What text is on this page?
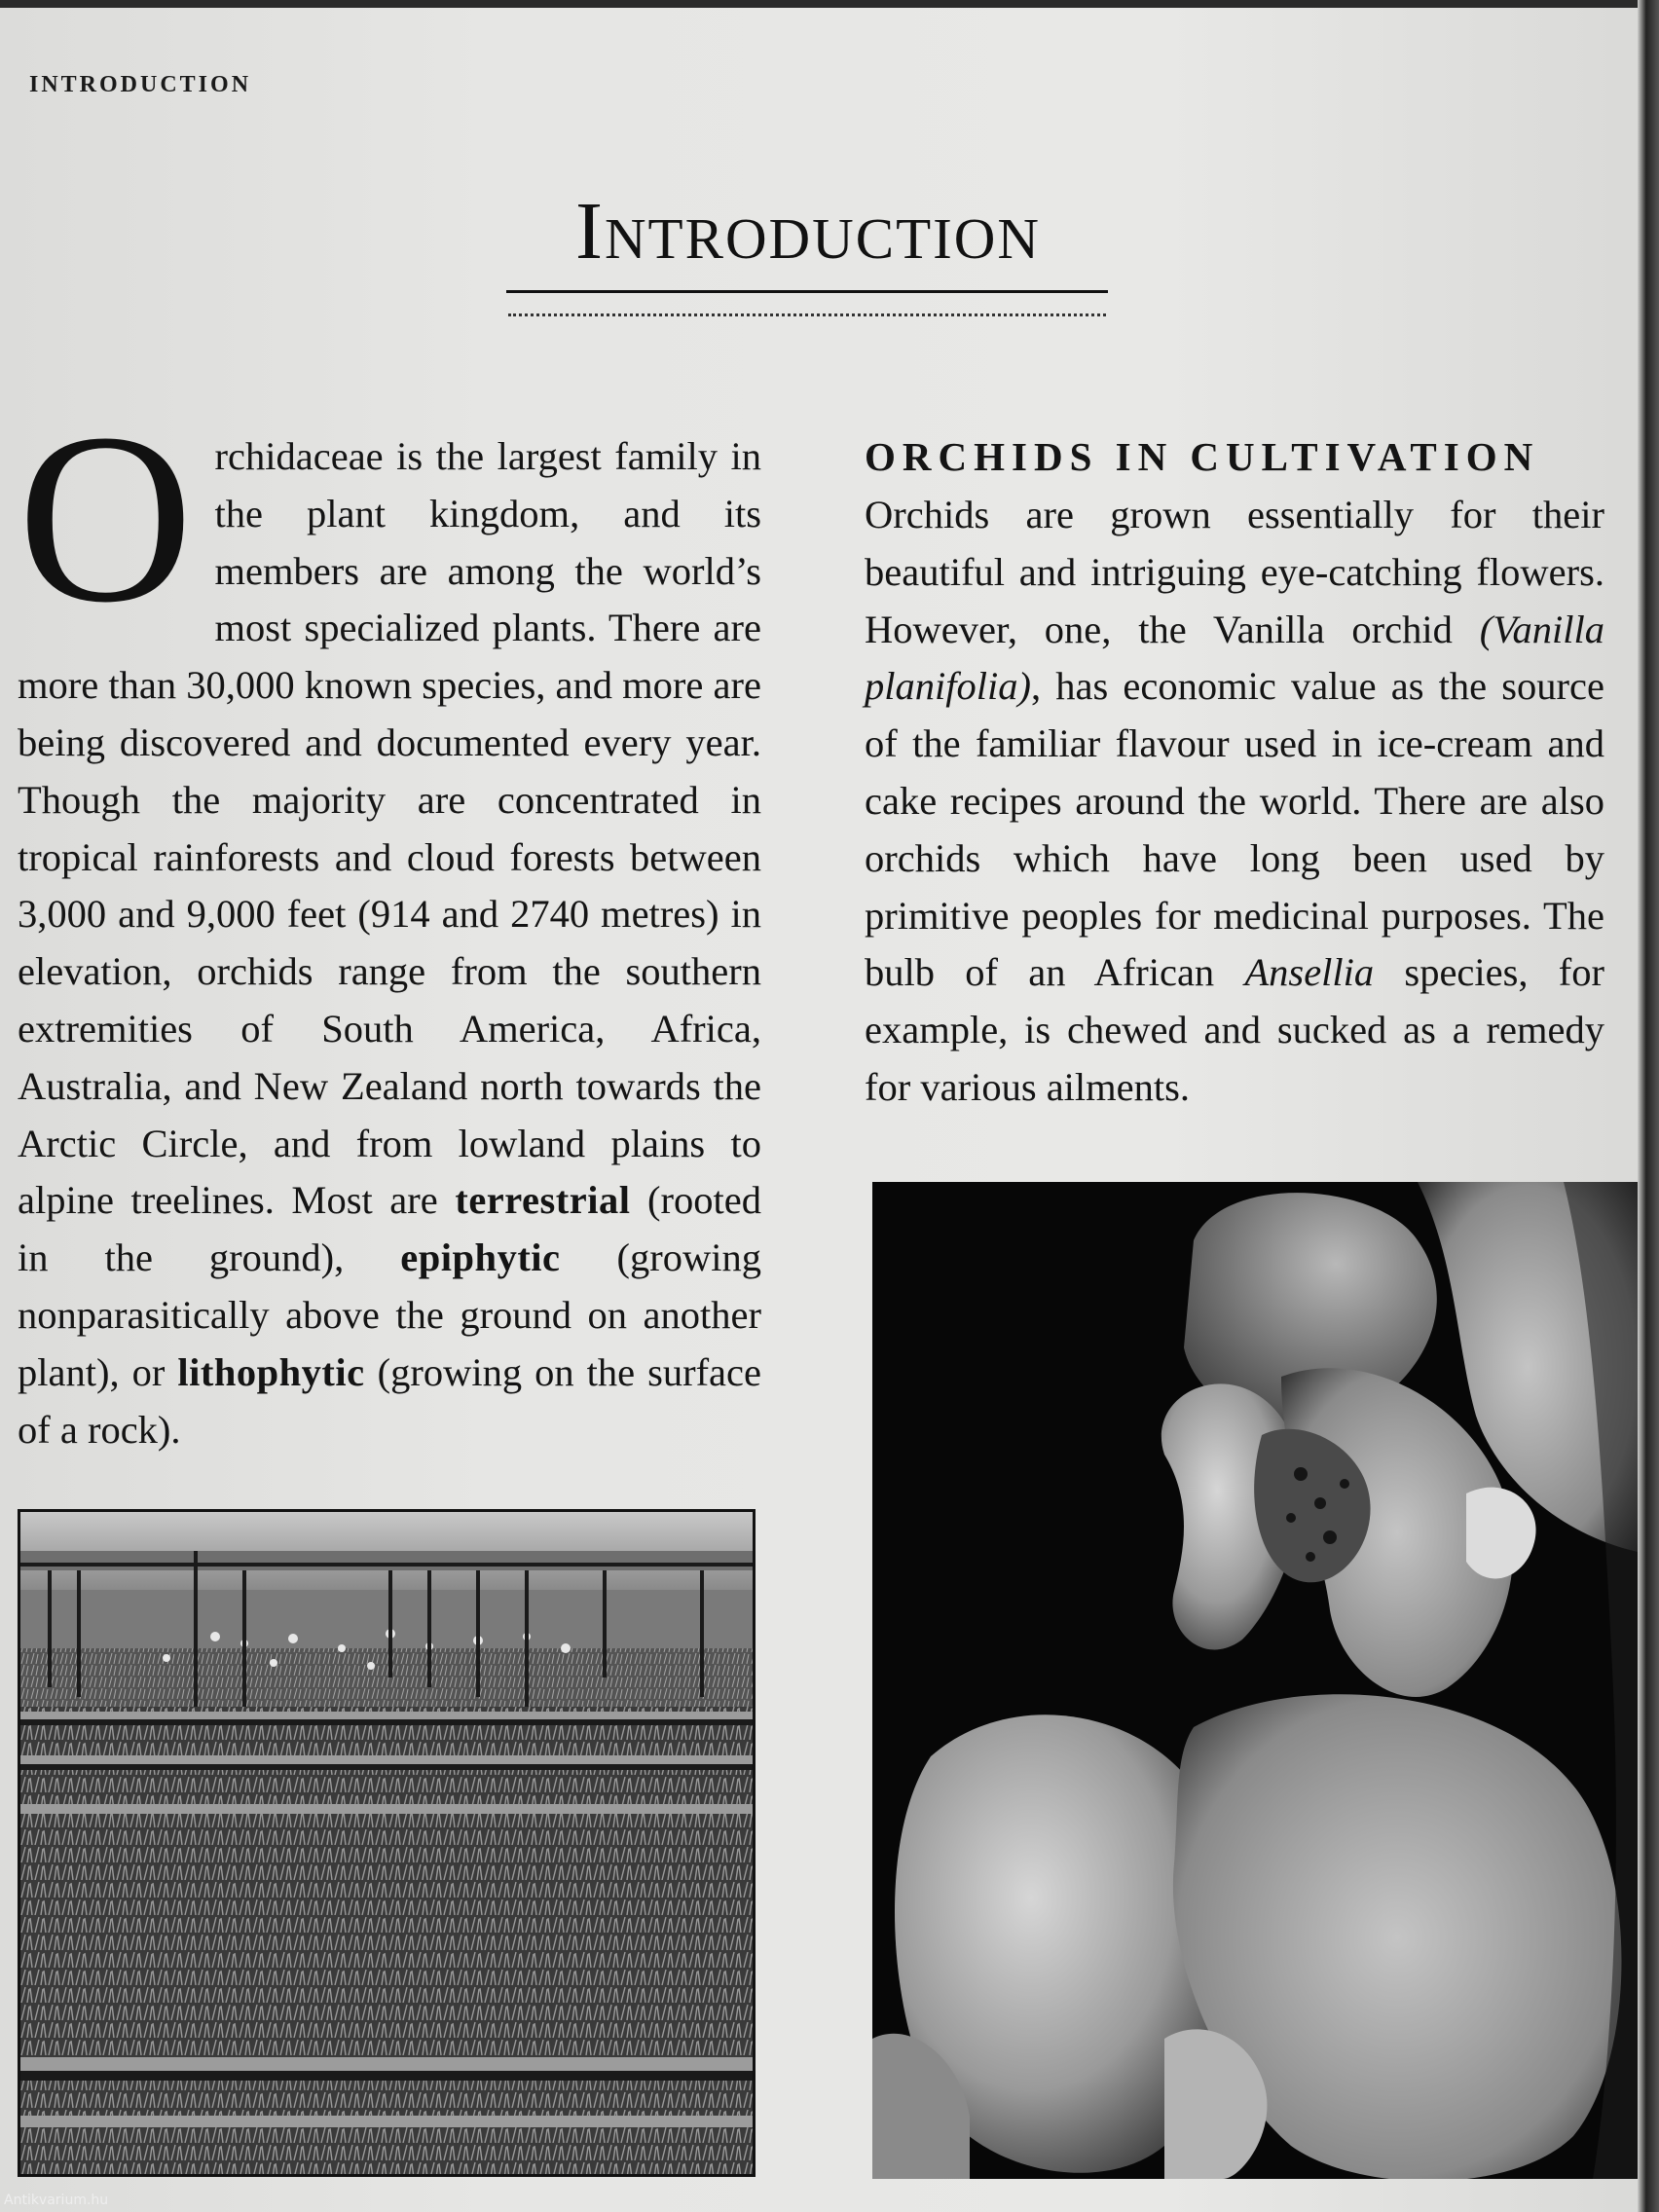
INTRODUCTION
Introduction
Orchidaceae is the largest family in the plant kingdom, and its members are among the world’s most specialized plants. There are more than 30,000 known species, and more are being discovered and documented every year. Though the majority are concentrated in tropical rainforests and cloud forests between 3,000 and 9,000 feet (914 and 2740 metres) in elevation, orchids range from the southern extremities of South America, Africa, Australia, and New Zealand north towards the Arctic Circle, and from lowland plains to alpine treelines. Most are terrestrial (rooted in the ground), epiphytic (growing nonparasitically above the ground on another plant), or lithophytic (growing on the surface of a rock).
ORCHIDS IN CULTIVATION
Orchids are grown essentially for their beautiful and intriguing eye-catching flowers. However, one, the Vanilla orchid (Vanilla planifolia), has economic value as the source of the familiar flavour used in ice-cream and cake recipes around the world. There are also orchids which have long been used by primitive peoples for medicinal purposes. The bulb of an African Ansellia species, for example, is chewed and sucked as a remedy for various ailments.
Antikvarium.hu
